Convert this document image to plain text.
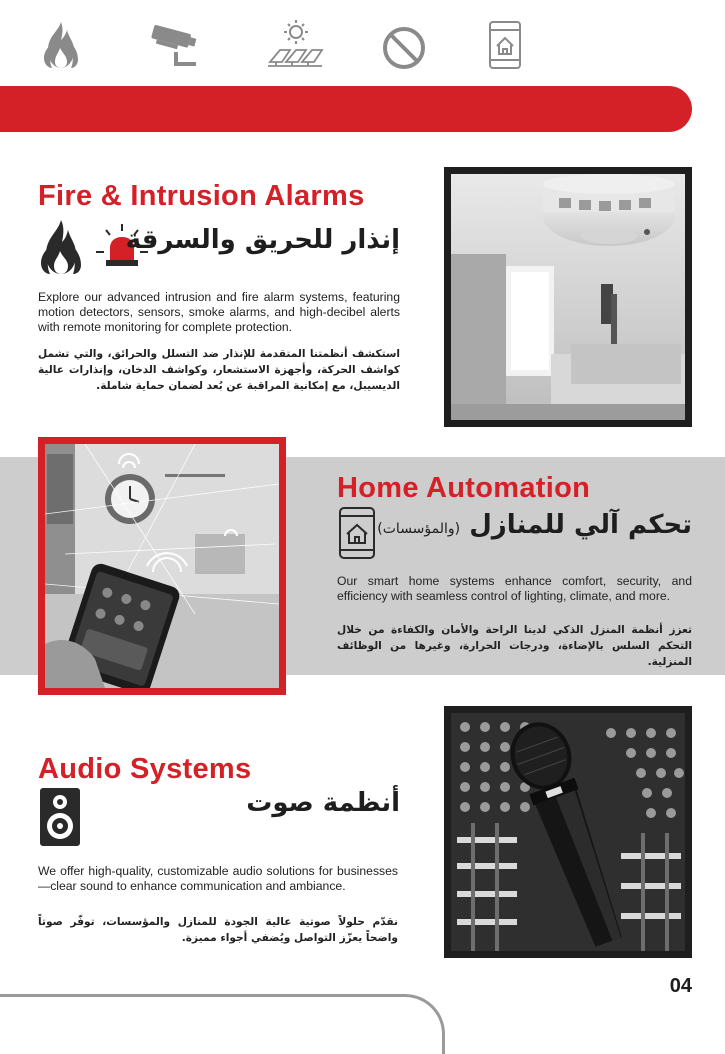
Fire & Intrusion Alarms
إنذار للحريق والسرقة
Explore our advanced intrusion and fire alarm systems, featuring motion detectors, sensors, smoke alarms, and high-decibel alerts with remote monitoring for complete protection.
استكشف أنظمتنا المتقدمة للإنذار ضد التسلل والحرائق، والتي تشمل كواشف الحركة، وأجهزة الاستشعار، وكواشف الدخان، وإنذارات عالية الديسيبل، مع إمكانية المراقبة عن بُعد لضمان حماية شاملة.
Home Automation
تحكم آلي للمنازل (والمؤسسات)
Our smart home systems enhance comfort, security, and efficiency with seamless control of lighting, climate, and more.
تعزز أنظمة المنزل الذكي لدينا الراحة والأمان والكفاءة من خلال التحكم السلس بالإضاءة، ودرجات الحرارة، وغيرها من الوظائف المنزلية.
Audio Systems
أنظمة صوت
We offer high-quality, customizable audio solutions for businesses—clear sound to enhance communication and ambiance.
نقدّم حلولاً صوتية عالية الجودة للمنازل والمؤسسات، توفّر صوتاً واضحاً يعزّز التواصل ويُضفي أجواء مميزة.
04
